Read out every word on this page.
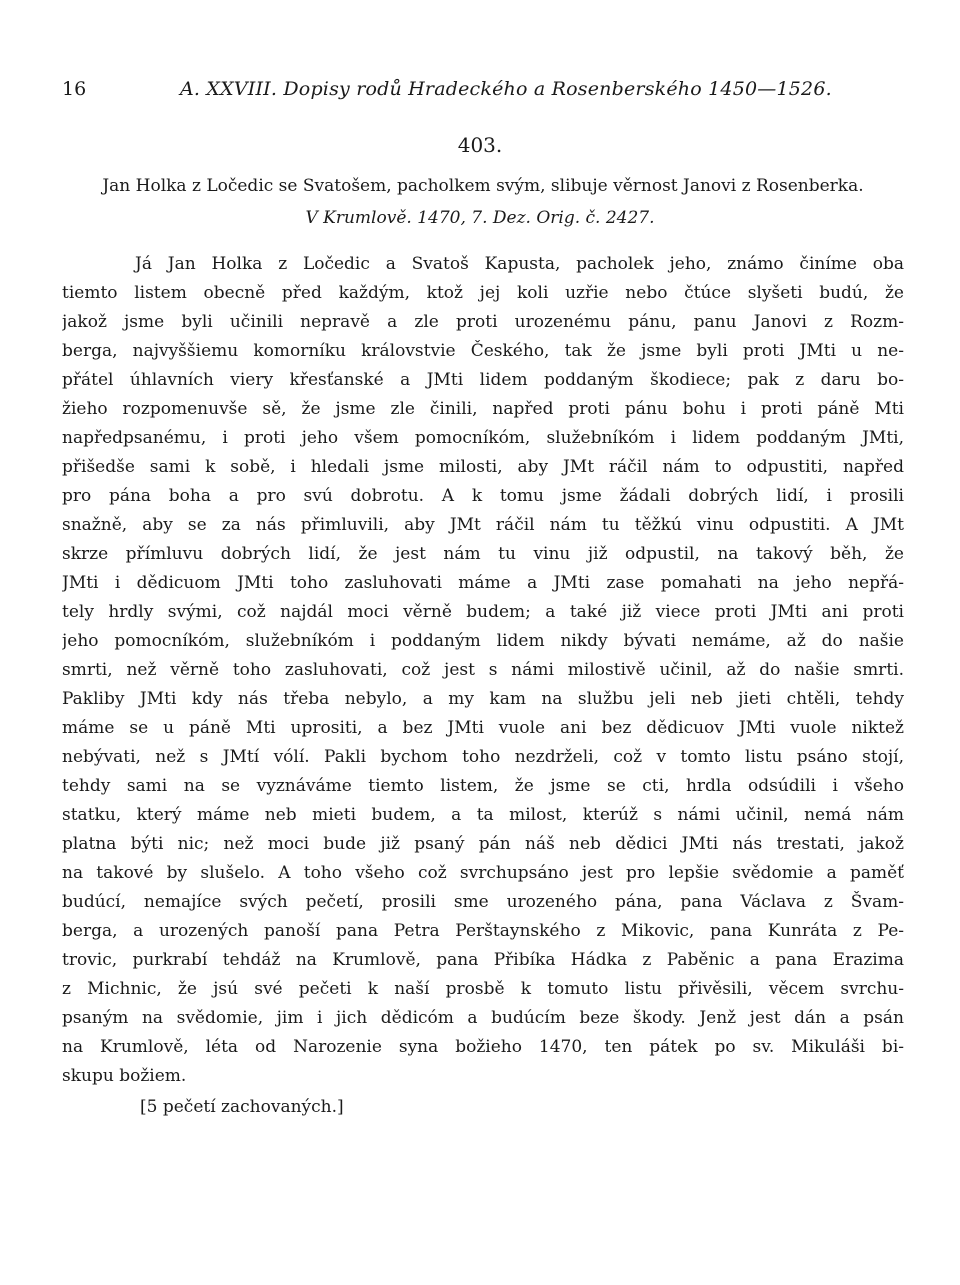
16	A. XXVIII. Dopisy rodů Hradeckého a Rosenberského 1450—1526.
403.
Jan Holka z Ločedic se Svatošem, pacholkem svým, slibuje věrnost Janovi z Rosenberka.
V Krumlově. 1470, 7. Dez. Orig. č. 2427.
Já Jan Holka z Ločedic a Svatoš Kapusta, pacholek jeho, známo činíme oba
tiemto listem obecně před každým, ktož jej koli uzřie nebo čtúce slyšeti budú, že
jakož jsme byli učinili nepravě a zle proti urozenému pánu, panu Janovi z Rozm-
berga, najvyššiemu komorníku královstvie Českého, tak že jsme byli proti JMti u ne-
přátel úhlavních viery křesťanské a JMti lidem poddaným škodiece; pak z daru bo-
žieho rozpomenuvše sě, že jsme zle činili, napřed proti pánu bohu i proti páně Mti
napředpsanému, i proti jeho všem pomocníkóm, služebníkóm i lidem poddaným JMti,
přišedše sami k sobě, i hledali jsme milosti, aby JMt ráčil nám to odpustiti, napřed
pro pána boha a pro svú dobrotu. A k tomu jsme žádali dobrých lidí, i prosili
snažně, aby se za nás přimluvili, aby JMt ráčil nám tu těžkú vinu odpustiti. A JMt
skrze přímluvu dobrých lidí, že jest nám tu vinu již odpustil, na takový běh, že
JMti i dědicuom JMti toho zasluhovati máme a JMti zase pomahati na jeho nepřá-
tely hrdly svými, což najdál moci věrně budem; a také již viece proti JMti ani proti
jeho pomocníkóm, služebníkóm i poddaným lidem nikdy bývati nemáme, až do našie
smrti, než věrně toho zasluhovati, což jest s námi milostivě učinil, až do našie smrti.
Pakliby JMti kdy nás třeba nebylo, a my kam na službu jeli neb jieti chtěli, tehdy
máme se u páně Mti uprositi, a bez JMti vuole ani bez dědicuov JMti vuole niktež
nebývati, než s JMtí vólí. Pakli bychom toho nezdrželi, což v tomto listu psáno stojí,
tehdy sami na se vyznáváme tiemto listem, že jsme se cti, hrdla odsúdili i všeho
statku, který máme neb mieti budem, a ta milost, kterúž s námi učinil, nemá nám
platna býti nic; než moci bude již psaný pán náš neb dědici JMti nás trestati, jakož
na takové by slušelo. A toho všeho což svrchupsáno jest pro lepšie svědomie a paměť
budúcí, nemajíce svých pečetí, prosili sme urozeného pána, pana Václava z Švam-
berga, a urozených panoší pana Petra Perštaynského z Mikovic, pana Kunráta z Pe-
trovic, purkrabí tehdáž na Krumlově, pana Přibíka Hádka z Paběnic a pana Erazima
z Michnic, že jsú své pečeti k naší prosbě k tomuto listu přivěsili, věcem svrchu-
psaným na svědomie, jim i jich dědicóm a budúcím beze škody. Jenž jest dán a psán
na Krumlově, léta od Narozenie syna božieho 1470, ten pátek po sv. Mikuláši bi-
skupu božiem.
[5 pečetí zachovaných.]
